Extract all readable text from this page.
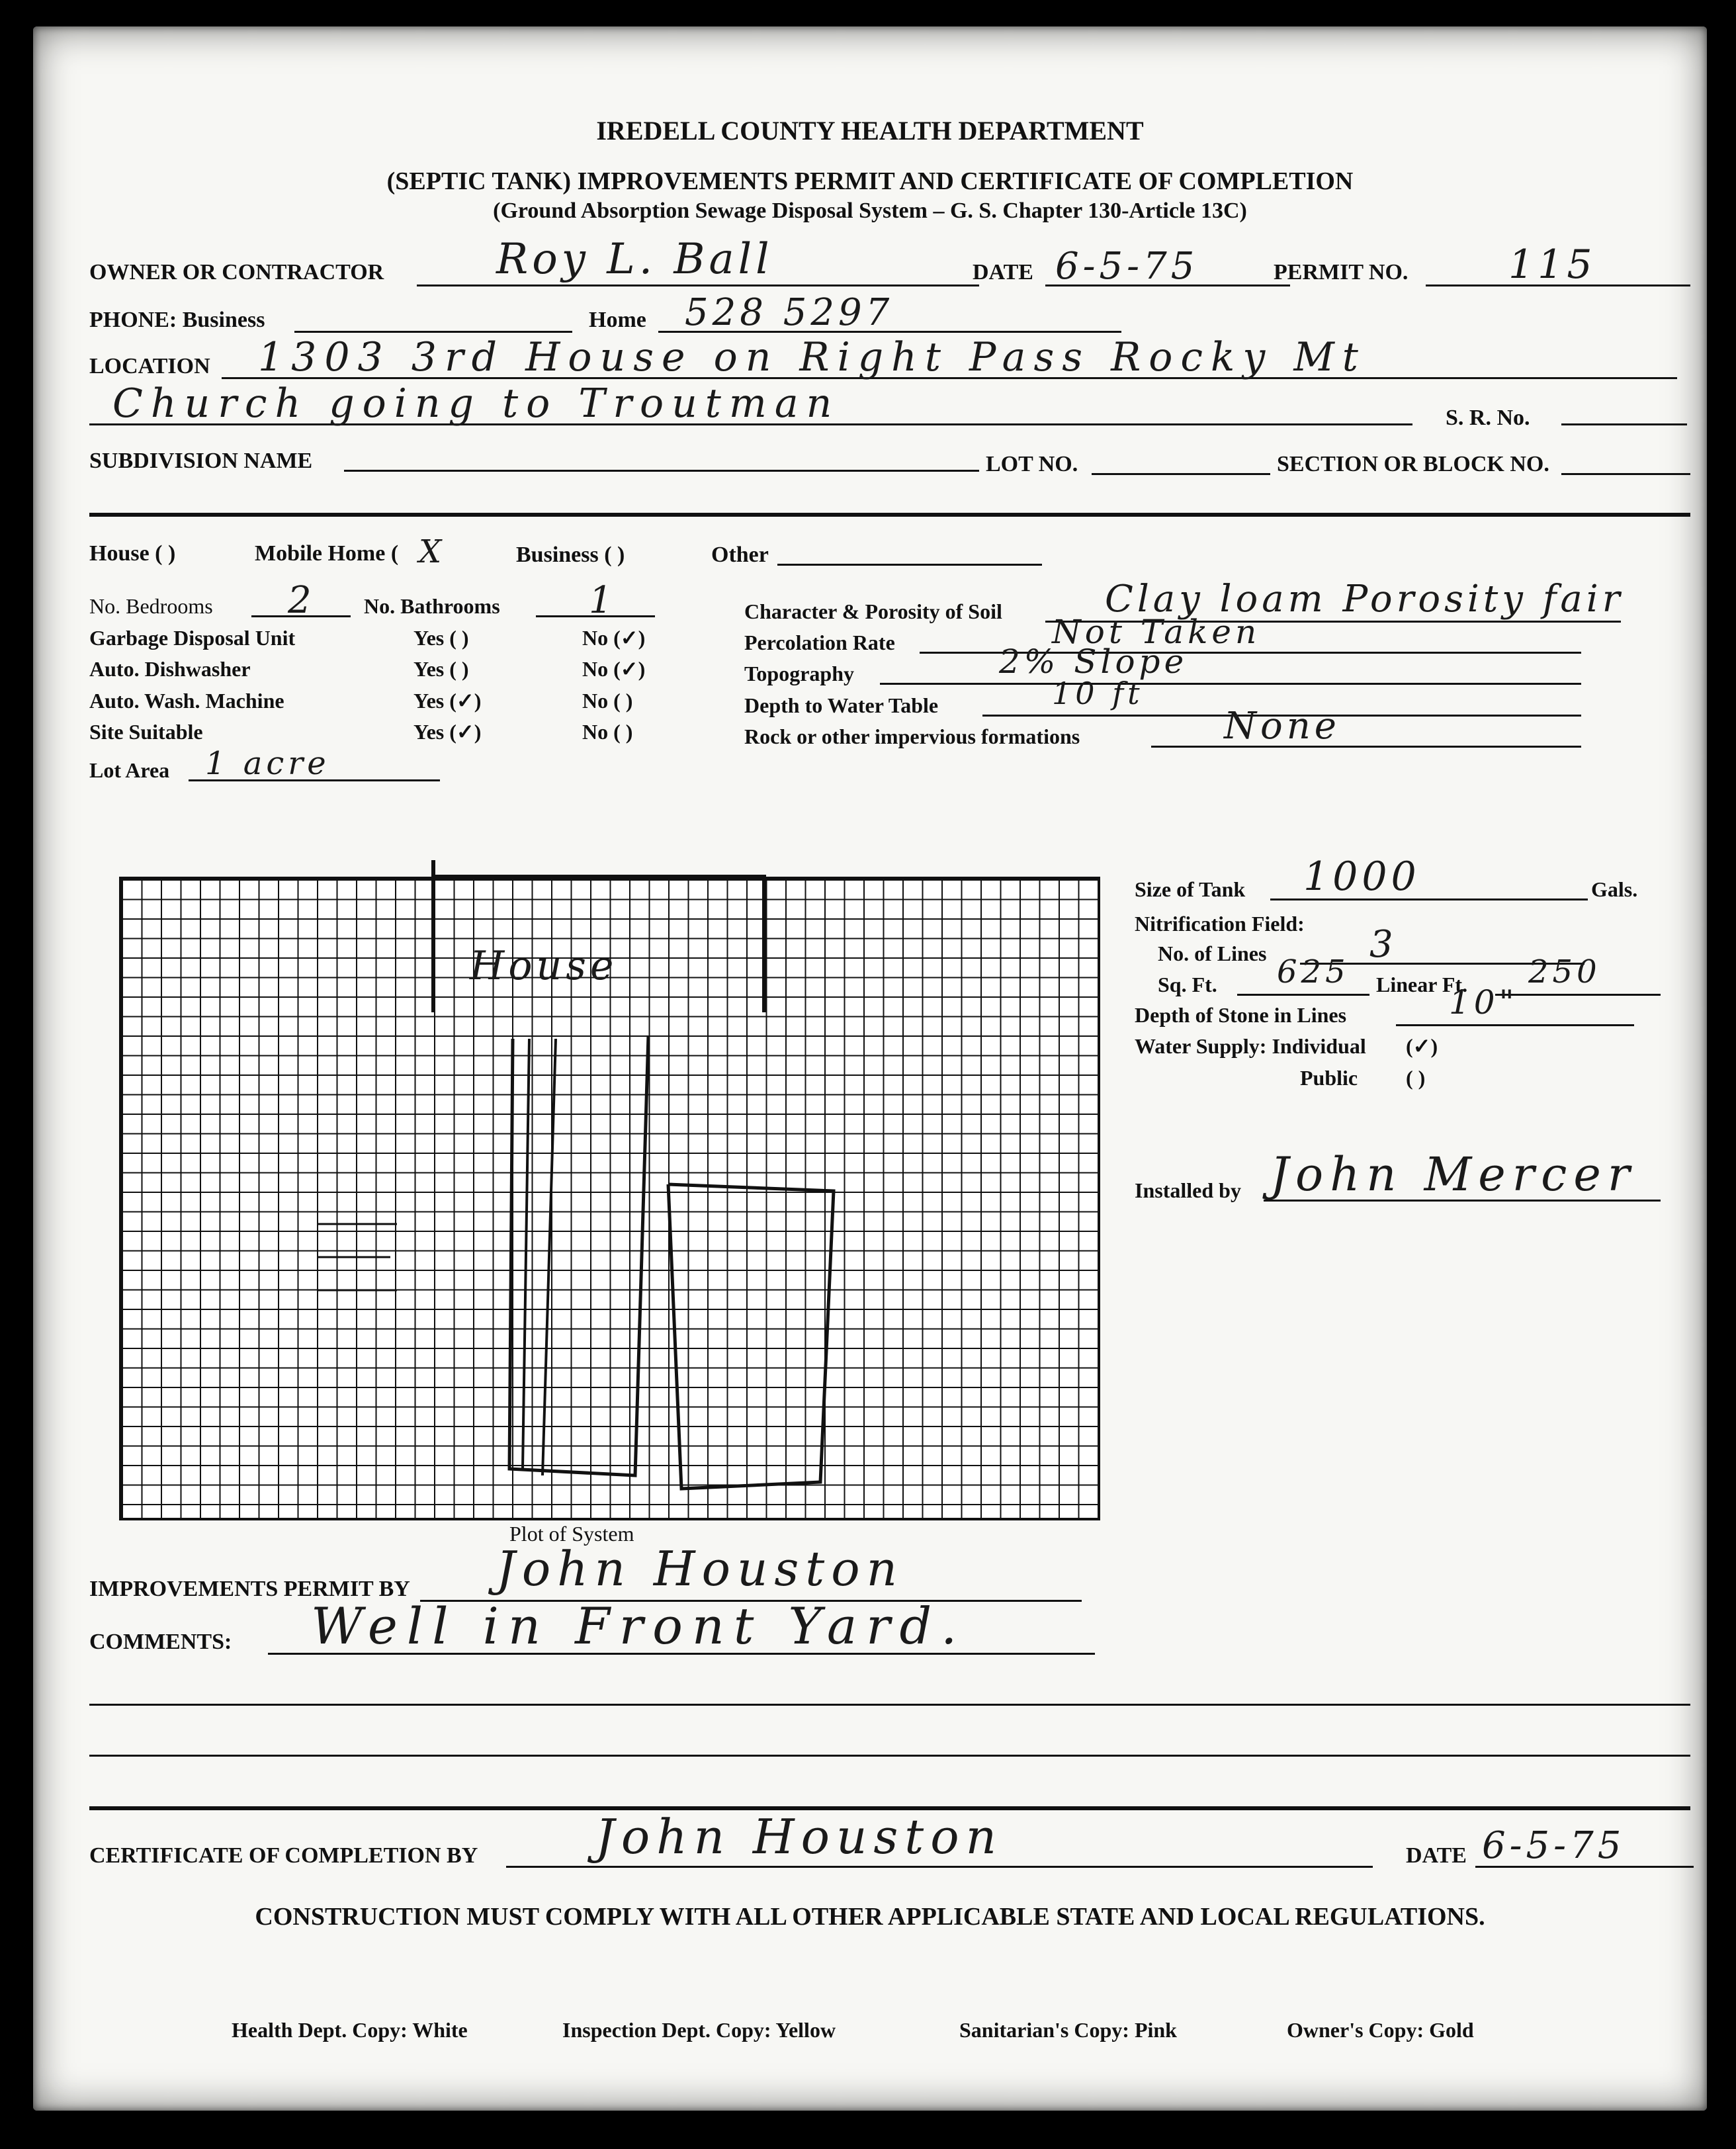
IREDELL COUNTY HEALTH DEPARTMENT
(SEPTIC TANK) IMPROVEMENTS PERMIT AND CERTIFICATE OF COMPLETION
(Ground Absorption Sewage Disposal System – G. S. Chapter 130-Article 13C)
OWNER OR CONTRACTOR	Roy L. Ball	DATE 6-5-75	PERMIT NO.	115
PHONE: Business	Home 528 5297
LOCATION 1303 3rd House on Right Pass Rocky Mt
Church going to Troutman	S. R. No.
SUBDIVISION NAME	LOT NO.	SECTION OR BLOCK NO.
House ( )	Mobile Home ( X	Business ( )	Other
No. Bedrooms 2 No. Bathrooms 1
Garbage Disposal Unit	Yes ( )	No (✓)
Auto. Dishwasher	Yes ( )	No (✓)
Auto. Wash. Machine	Yes (✓)	No ( )
Site Suitable	Yes (✓)	No ( )
Lot Area 1 acre
Character & Porosity of Soil	Clay loam Porosity fair
Percolation Rate	Not Taken
Topography	2% Slope
Depth to Water Table	10 ft
Rock or other impervious formations	None
House
Plot of System
Size of Tank 1000	Gals.
Nitrification Field:
No. of Lines	3
Sq. Ft. 625 Linear Ft. 250
Depth of Stone in Lines	10"
Water Supply: Individual (✓)
Public ( )
Installed by John Mercer
IMPROVEMENTS PERMIT BY John Houston
COMMENTS: Well in Front Yard.
CERTIFICATE OF COMPLETION BY John Houston	DATE 6-5-75
CONSTRUCTION MUST COMPLY WITH ALL OTHER APPLICABLE STATE AND LOCAL REGULATIONS.
Health Dept. Copy: White	Inspection Dept. Copy: Yellow	Sanitarian's Copy: Pink	Owner's Copy: Gold
